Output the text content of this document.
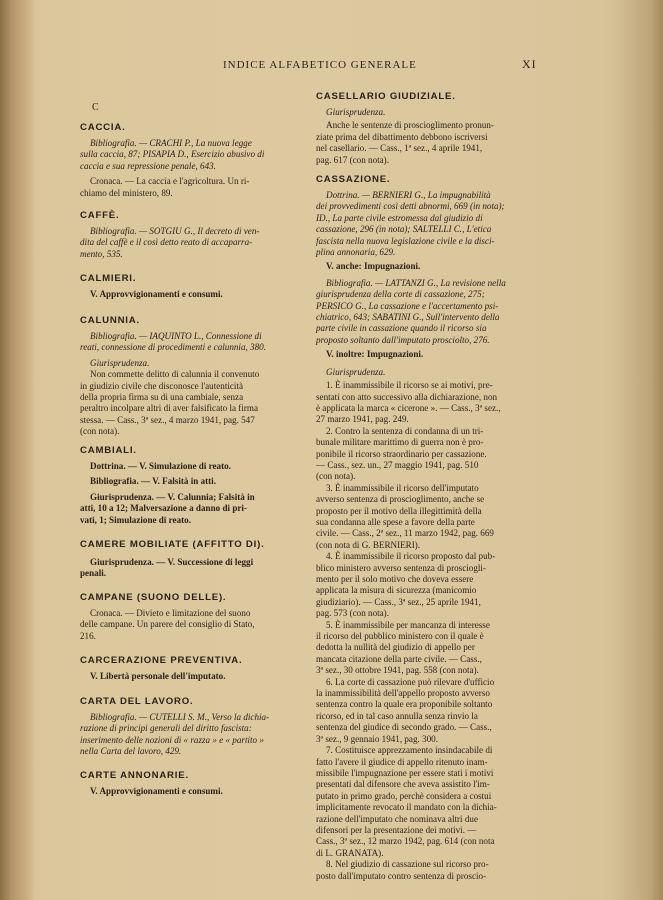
INDICE ALFABETICO GENERALE	XI
C
CACCIA.
Bibliografia. — CRACHI P., La nuova legge
sulla caccia, 87; PISAPIA D., Esercizio abusivo di
caccia e sua repressione penale, 643.
Cronaca. — La caccia e l'agricoltura. Un ri-
chiamo del ministero, 89.
CAFFÈ.
Bibliografia. — SOTGIU G., Il decreto di ven-
dita del caffè e il così detto reato di accaparra-
mento, 535.
CALMIERI.
V. Approvvigionamenti e consumi.
CALUNNIA.
Bibliografia. — IAQUINTO L., Connessione di
reati, connessione di procedimenti e calunnia, 380.
Giurisprudenza.
Non commette delitto di calunnia il convenuto
in giudizio civile che disconosce l'autenticità
della propria firma su di una cambiale, senza
peraltro incolpare altri di aver falsificato la firma
stessa. — Cass., 3ª sez., 4 marzo 1941, pag. 547
(con nota).
CAMBIALI.
Dottrina. — V. Simulazione di reato.
Bibliografia. — V. Falsità in atti.
Giurisprudenza. — V. Calunnia; Falsità in
atti, 10 a 12; Malversazione a danno di pri-
vati, 1; Simulazione di reato.
CAMERE MOBILIATE (AFFITTO DI).
Giurisprudenza. — V. Successione di leggi
penali.
CAMPANE (SUONO DELLE).
Cronaca. — Divieto e limitazione del suono
delle campane. Un parere del consiglio di Stato,
216.
CARCERAZIONE PREVENTIVA.
V. Libertà personale dell'imputato.
CARTA DEL LAVORO.
Bibliografia. — CUTELLI S. M., Verso la dichia-
razione di principi generali del diritto fascista:
inserimento delle nozioni di « razza » e « partito »
nella Carta del lavoro, 429.
CARTE ANNONARIE.
V. Approvvigionamenti e consumi.
CASELLARIO GIUDIZIALE.
Giurisprudenza.
Anche le sentenze di proscioglimento pronun-
ziate prima del dibattimento debbono iscriversi
nel casellario. — Cass., 1ª sez., 4 aprile 1941,
pag. 617 (con nota).
CASSAZIONE.
Dottrina. — BERNIERI G., La impugnabilità
dei provvedimenti così detti abnormi, 669 (in nota);
ID., La parte civile estromessa dal giudizio di
cassazione, 296 (in nota); SALTELLI C., L'etica
fascista nella nuova legislazione civile e la disci-
plina annonaria, 629.
V. anche: Impugnazioni.
Bibliografia. — LATTANZI G., La revisione nella
giurisprudenza della corte di cassazione, 275;
PERSICO G., La cassazione e l'accertamento psi-
chiatrico, 643; SABATINI G., Sull'intervento della
parte civile in cassazione quando il ricorso sia
proposto soltanto dall'imputato prosciolto, 276.
V. inoltre: Impugnazioni.
Giurisprudenza.
1. È inammissibile il ricorso se ai motivi, pre-
sentati con atto successivo alla dichiarazione, non
è applicata la marca « cicerone ». — Cass., 3ª sez.,
27 marzo 1941, pag. 249.
2. Contro la sentenza di condanna di un tri-
bunale militare marittimo di guerra non è pro-
ponibile il ricorso straordinario per cassazione.
— Cass., sez. un., 27 maggio 1941, pag. 510
(con nota).
3. È inammissibile il ricorso dell'imputato
avverso sentenza di proscioglimento, anche se
proposto per il motivo della illegittimità della
sua condanna alle spese a favore della parte
civile. — Cass., 2ª sez., 11 marzo 1942, pag. 669
(con nota di G. BERNIERI).
4. È inammissibile il ricorso proposto dal pub-
blico ministero avverso sentenza di prosciogli-
mento per il solo motivo che doveva essere
applicata la misura di sicurezza (manicomio
giudiziario). — Cass., 3ª sez., 25 aprile 1941,
pag. 573 (con nota).
5. È inammissibile per mancanza di interesse
il ricorso del pubblico ministero con il quale è
dedotta la nullità del giudizio di appello per
mancata citazione della parte civile. — Cass.,
3ª sez., 30 ottobre 1941, pag. 558 (con nota).
6. La corte di cassazione può rilevare d'ufficio
la inammissibilità dell'appello proposto avverso
sentenza contro la quale era proponibile soltanto
ricorso, ed in tal caso annulla senza rinvio la
sentenza del giudice di secondo grado. — Cass.,
3ª sez., 9 gennaio 1941, pag. 300.
7. Costituisce apprezzamento insindacabile di
fatto l'avere il giudice di appello ritenuto inam-
missibile l'impugnazione per essere stati i motivi
presentati dal difensore che aveva assistito l'im-
putato in primo grado, perchè considera a costui
implicitamente revocato il mandato con la dichia-
razione dell'imputato che nominava altri due
difensori per la presentazione dei motivi. —
Cass., 3ª sez., 12 marzo 1942, pag. 614 (con nota
di L. GRANATA).
8. Nel giudizio di cassazione sul ricorso pro-
posto dall'imputato contro sentenza di proscio-
